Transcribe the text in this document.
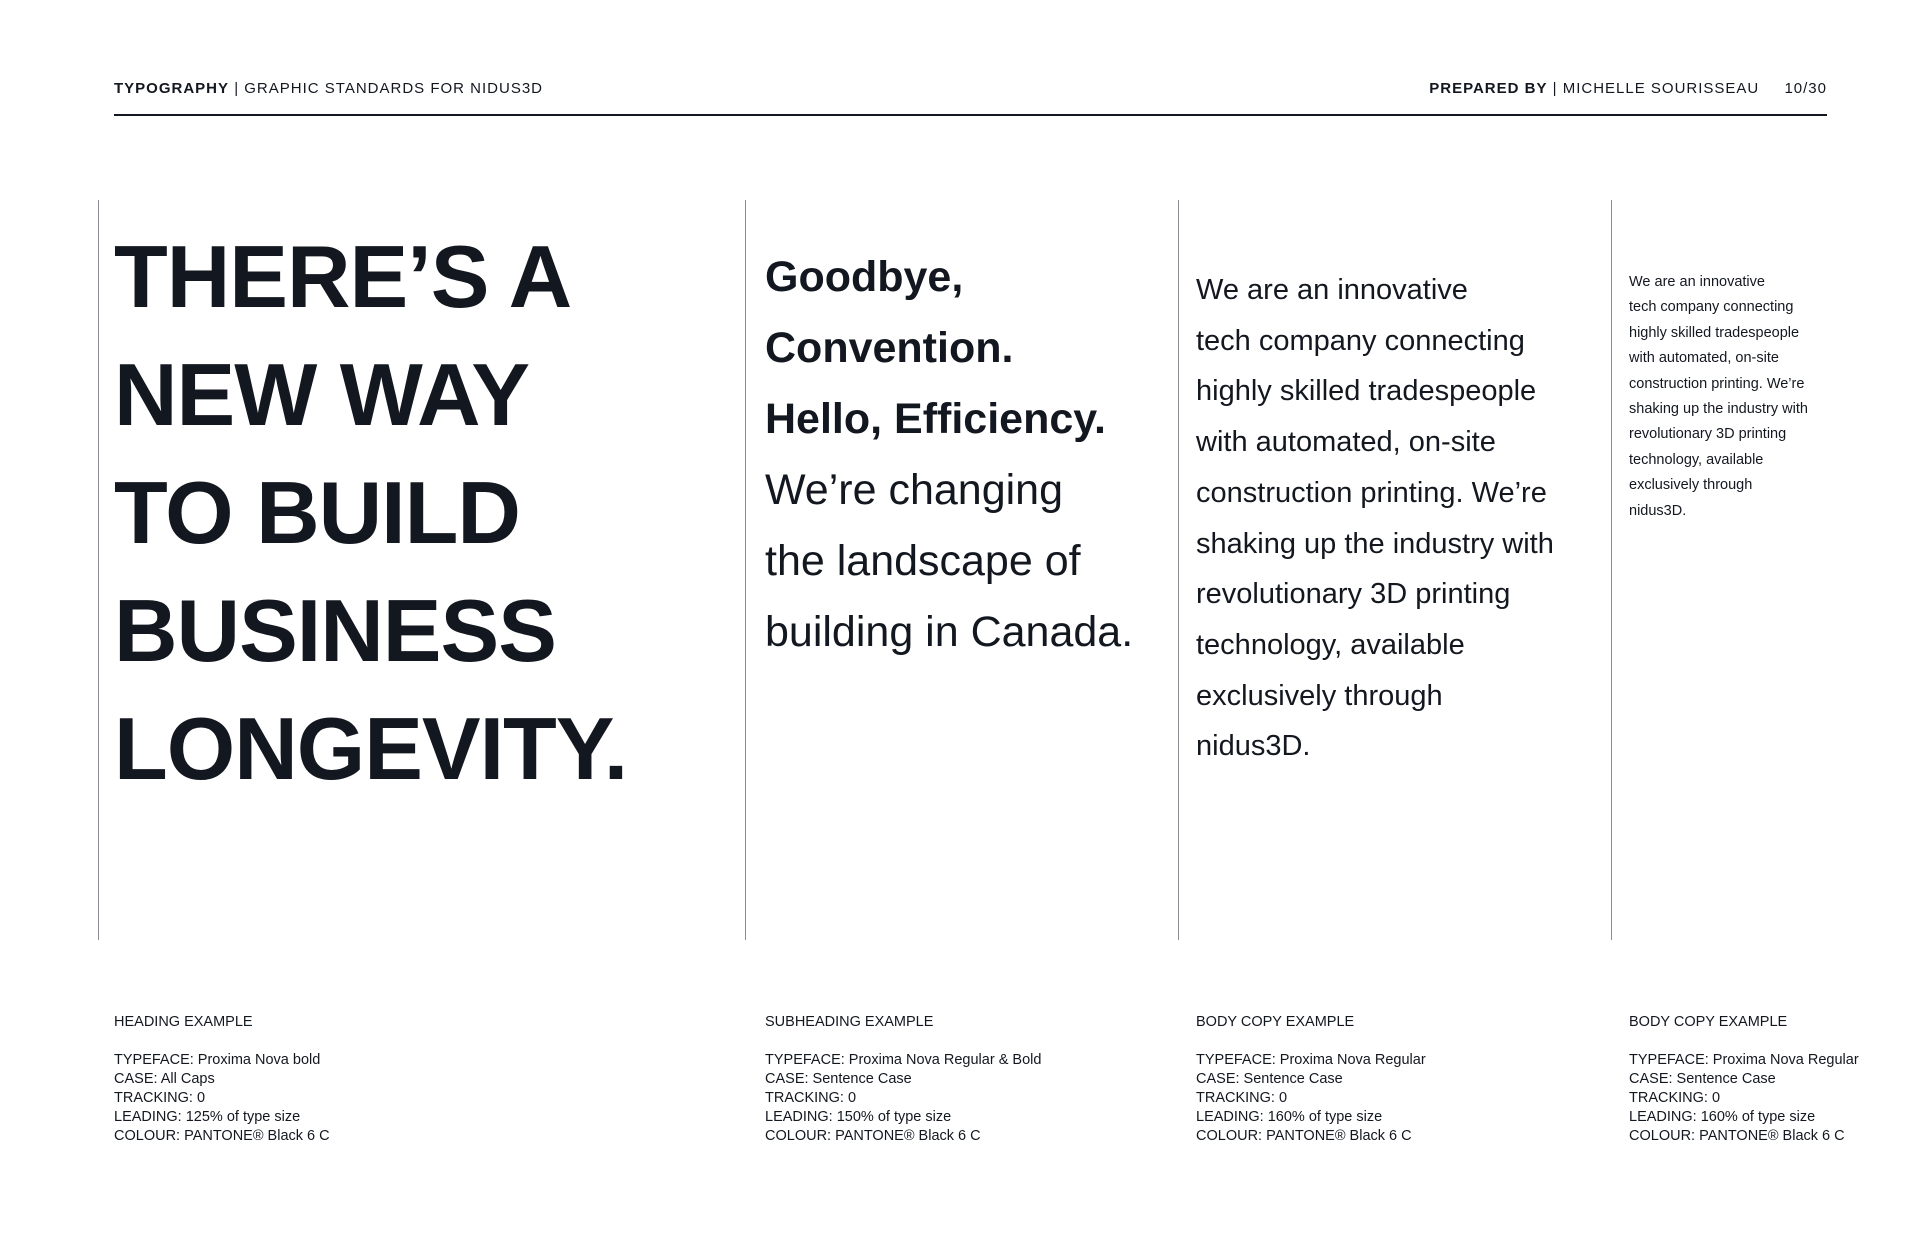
TYPOGRAPHY | GRAPHIC STANDARDS FOR NIDUS3D	PREPARED BY | MICHELLE SOURISSEAU 10/30
THERE’S A
NEW WAY
TO BUILD
BUSINESS
LONGEVITY.
Goodbye,
Convention.
Hello, Efficiency.
We’re changing
the landscape of
building in Canada.
We are an innovative
tech company connecting
highly skilled tradespeople
with automated, on-site
construction printing. We’re
shaking up the industry with
revolutionary 3D printing
technology, available
exclusively through
nidus3D.
We are an innovative
tech company connecting
highly skilled tradespeople
with automated, on-site
construction printing. We’re
shaking up the industry with
revolutionary 3D printing
technology, available
exclusively through
nidus3D.
HEADING EXAMPLE
TYPEFACE: Proxima Nova bold
CASE: All Caps
TRACKING: 0
LEADING: 125% of type size
COLOUR: PANTONE® Black 6 C
SUBHEADING EXAMPLE
TYPEFACE: Proxima Nova Regular & Bold
CASE: Sentence Case
TRACKING: 0
LEADING: 150% of type size
COLOUR: PANTONE® Black 6 C
BODY COPY EXAMPLE
TYPEFACE: Proxima Nova Regular
CASE: Sentence Case
TRACKING: 0
LEADING: 160% of type size
COLOUR: PANTONE® Black 6 C
BODY COPY EXAMPLE
TYPEFACE: Proxima Nova Regular
CASE: Sentence Case
TRACKING: 0
LEADING: 160% of type size
COLOUR: PANTONE® Black 6 C
